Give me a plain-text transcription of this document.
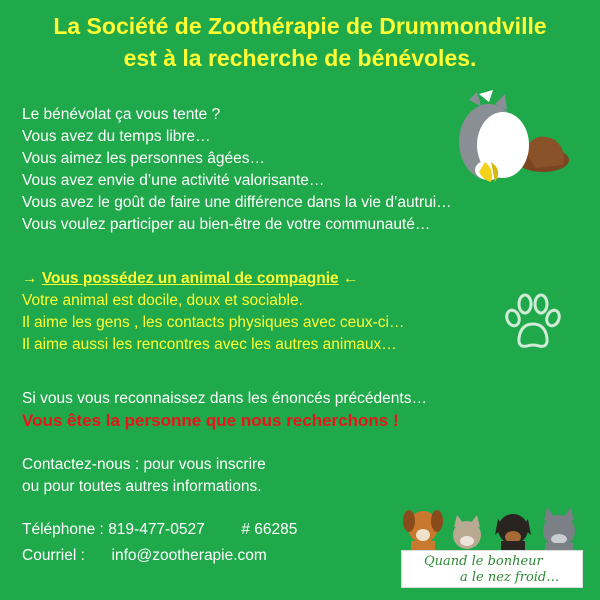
La Société de Zoothérapie de Drummondville
est à la recherche de bénévoles.
Le bénévolat ça vous tente ?
Vous avez du temps libre…
Vous aimez les personnes âgées…
Vous avez envie d’une activité valorisante…
Vous avez le goût de faire une différence dans la vie d’autrui…
Vous voulez participer au bien-être de votre communauté…
→ Vous possédez un animal de compagnie ←
Votre animal est docile, doux et sociable.
Il aime les gens , les contacts physiques avec ceux-ci…
Il aime aussi les rencontres avec les autres animaux…
Si vous vous reconnaissez dans les énoncés précédents…
Vous êtes la personne que nous recherchons !
Contactez-nous : pour vous inscrire
ou pour toutes autres informations.
Téléphone : 819-477-0527 # 66285
Courriel : info@zootherapie.com	Quand le bonheur
a le nez froid…
